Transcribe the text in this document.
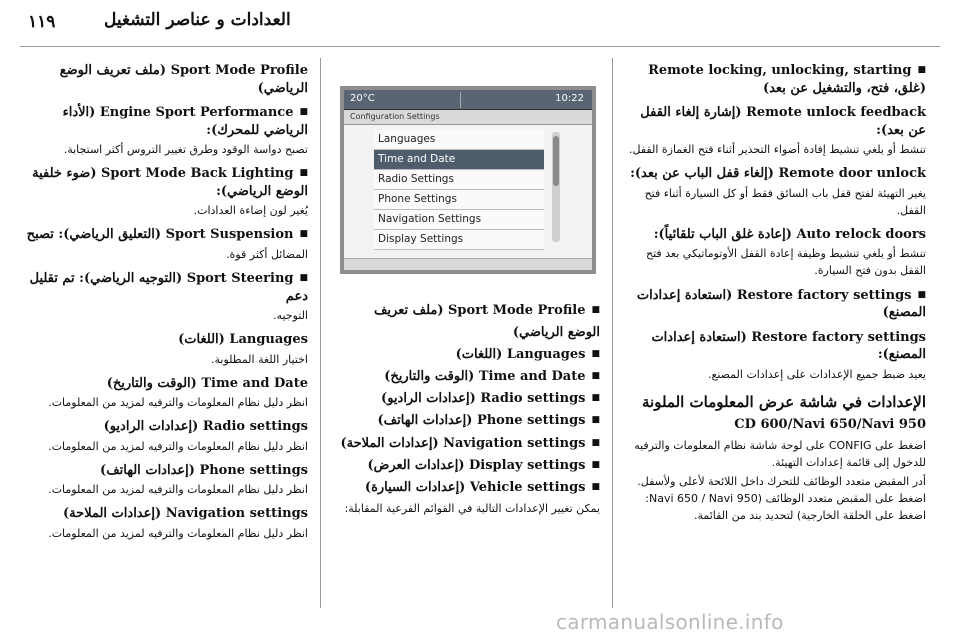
١١٩	العدادات و عناصر التشغيل
■ Remote locking, unlocking, starting (غلق، فتح، والتشغيل عن بعد)
Remote unlock feedback (إشارة إلغاء القفل عن بعد):
تنشط أو يلغي تنشيط إفادة أضواء التحذير أثناء فتح الغمازة القفل.
Remote door unlock (إلغاء قفل الباب عن بعد):
يغير التهيئة لفتح قفل باب السائق فقط أو كل السيارة أثناء فتح القفل.
Auto relock doors (إعادة غلق الباب تلقائياً):
تنشط أو يلغي تنشيط وظيفة إعادة القفل الأوتوماتيكي بعد فتح القفل بدون فتح السيارة.
■ Restore factory settings (استعادة إعدادات المصنع)
Restore factory settings (استعادة إعدادات المصنع):
يعيد ضبط جميع الإعدادات على إعدادات المصنع.
الإعدادات في شاشة عرض المعلومات الملونة
CD 600/Navi 650/Navi 950
اضغط على CONFIG على لوحة شاشة نظام المعلومات والترفيه للدخول إلى قائمة إعدادات التهيئة.
أدر المقبض متعدد الوظائف للتحرك داخل اللائحة لأعلى ولأسفل. اضغط على المقبض متعدد الوظائف (Navi 650 / Navi 950: اضغط على الحلقة الخارجية) لتحديد بند من القائمة.
20°C	10:22
Configuration Settings
Languages
Time and Date
Radio Settings
Phone Settings
Navigation Settings
Display Settings
■ Sport Mode Profile (ملف تعريف الوضع الرياضي)
■ Languages (اللغات)
■ Time and Date (الوقت والتاريخ)
■ Radio settings (إعدادات الراديو)
■ Phone settings (إعدادات الهاتف)
■ Navigation settings (إعدادات الملاحة)
■ Display settings (إعدادات العرض)
■ Vehicle settings (إعدادات السيارة)
يمكن تغيير الإعدادات التالية في القوائم الفرعية المقابلة:
Sport Mode Profile (ملف تعريف الوضع الرياضي)
■ Engine Sport Performance (الأداء الرياضي للمحرك):
تصبح دواسة الوقود وطرق تغيير التروس أكثر استجابة.
■ Sport Mode Back Lighting (ضوء خلفية الوضع الرياضي):
يُغير لون إضاءة العدادات.
■ Sport Suspension (التعليق الرياضي): تصبح
المضائل أكثر قوة.
■ Sport Steering (التوجيه الرياضي): تم تقليل دعم
التوجيه.
Languages (اللغات)
اختيار اللغة المطلوبة.
Time and Date (الوقت والتاريخ)
انظر دليل نظام المعلومات والترفيه لمزيد من المعلومات.
Radio settings (إعدادات الراديو)
انظر دليل نظام المعلومات والترفيه لمزيد من المعلومات.
Phone settings (إعدادات الهاتف)
انظر دليل نظام المعلومات والترفيه لمزيد من المعلومات.
Navigation settings (إعدادات الملاحة)
انظر دليل نظام المعلومات والترفيه لمزيد من المعلومات.
carmanualsonline.info
